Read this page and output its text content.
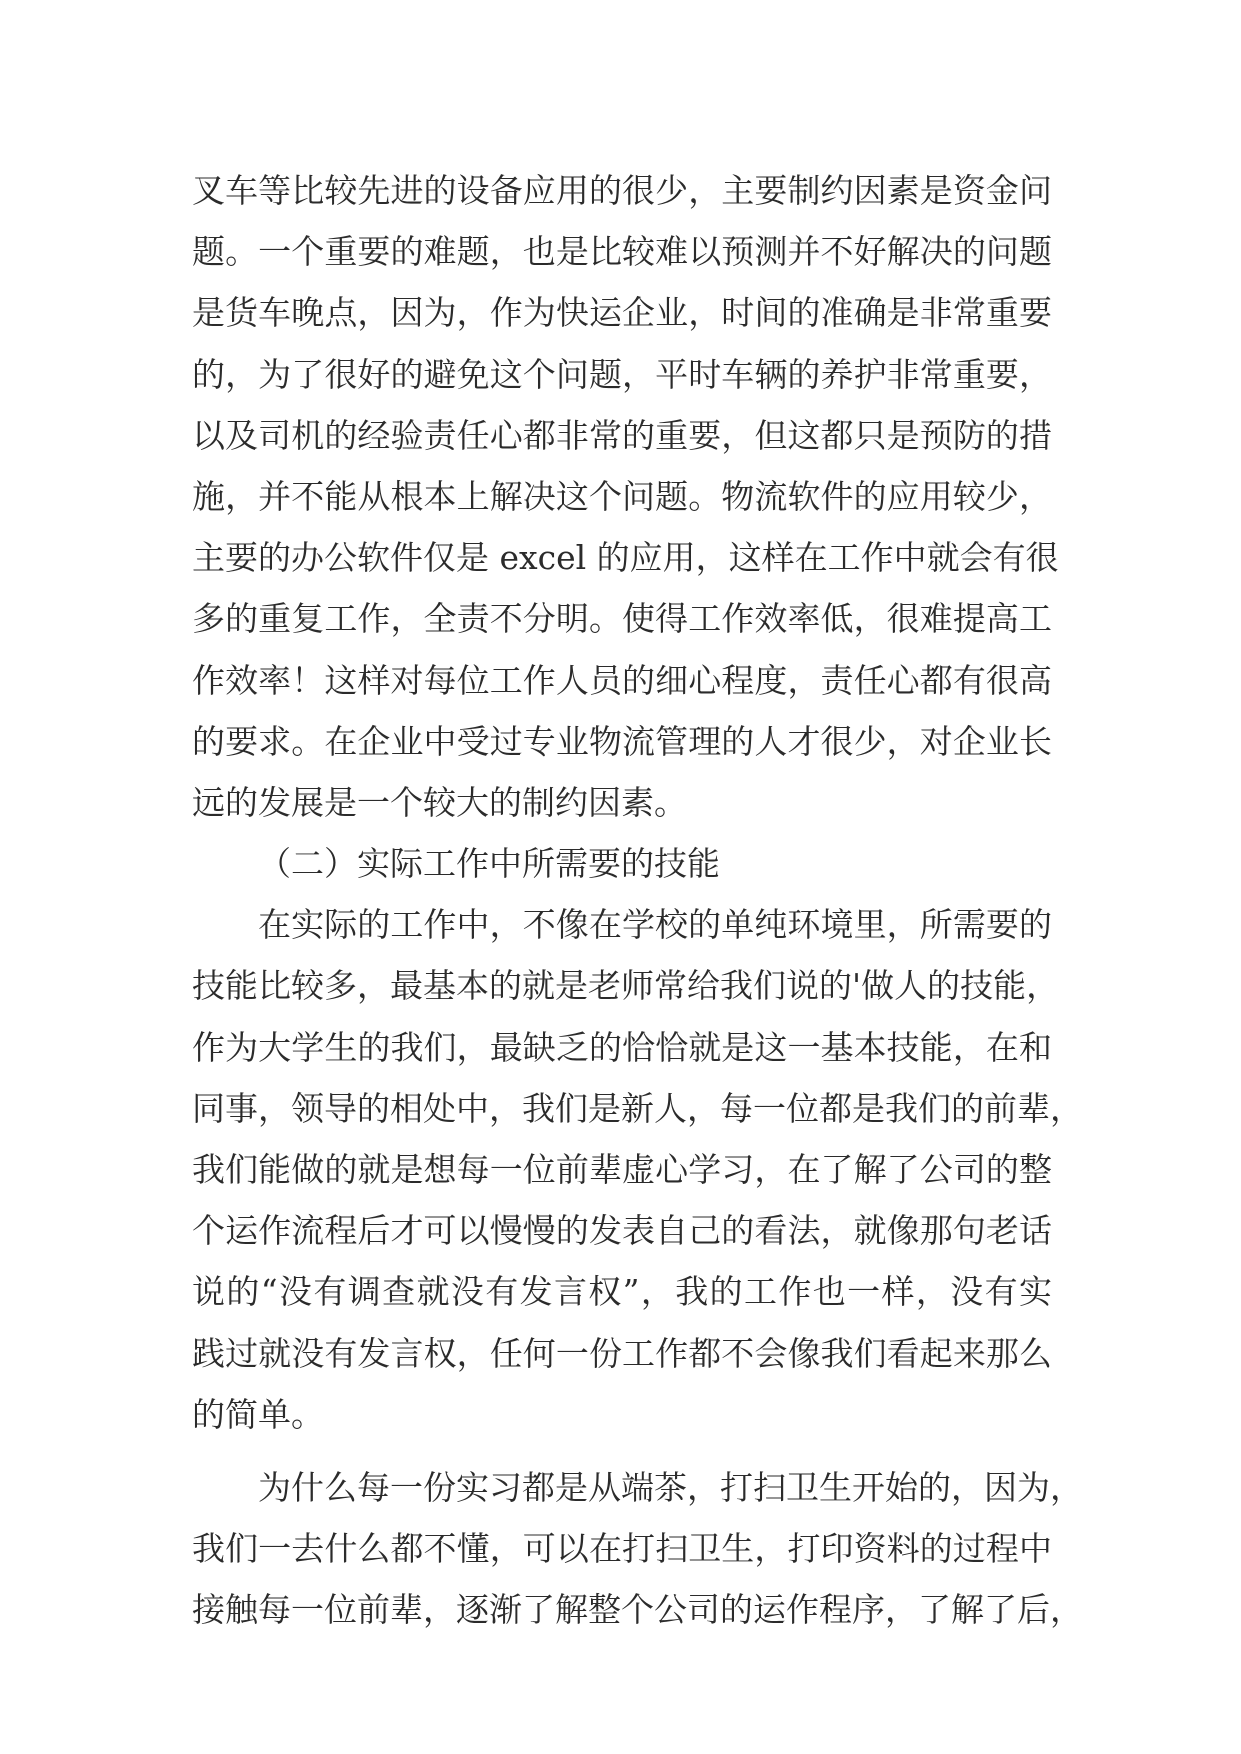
叉车等比较先进的设备应用的很少，主要制约因素是资金问
题。一个重要的难题，也是比较难以预测并不好解决的问题
是货车晚点，因为，作为快运企业，时间的准确是非常重要
的，为了很好的避免这个问题，平时车辆的养护非常重要，
以及司机的经验责任心都非常的重要，但这都只是预防的措
施，并不能从根本上解决这个问题。物流软件的应用较少，
主要的办公软件仅是 excel 的应用，这样在工作中就会有很
多的重复工作，全责不分明。使得工作效率低，很难提高工
作效率！这样对每位工作人员的细心程度，责任心都有很高
的要求。在企业中受过专业物流管理的人才很少，对企业长
远的发展是一个较大的制约因素。
（二）实际工作中所需要的技能
在实际的工作中，不像在学校的单纯环境里，所需要的
技能比较多，最基本的就是老师常给我们说的'做人的技能，
作为大学生的我们，最缺乏的恰恰就是这一基本技能，在和
同事，领导的相处中，我们是新人，每一位都是我们的前辈，
我们能做的就是想每一位前辈虚心学习，在了解了公司的整
个运作流程后才可以慢慢的发表自己的看法，就像那句老话
说的“没有调查就没有发言权”，我的工作也一样，没有实
践过就没有发言权，任何一份工作都不会像我们看起来那么
的简单。
为什么每一份实习都是从端茶，打扫卫生开始的，因为，
我们一去什么都不懂，可以在打扫卫生，打印资料的过程中
接触每一位前辈，逐渐了解整个公司的运作程序，了解了后，
